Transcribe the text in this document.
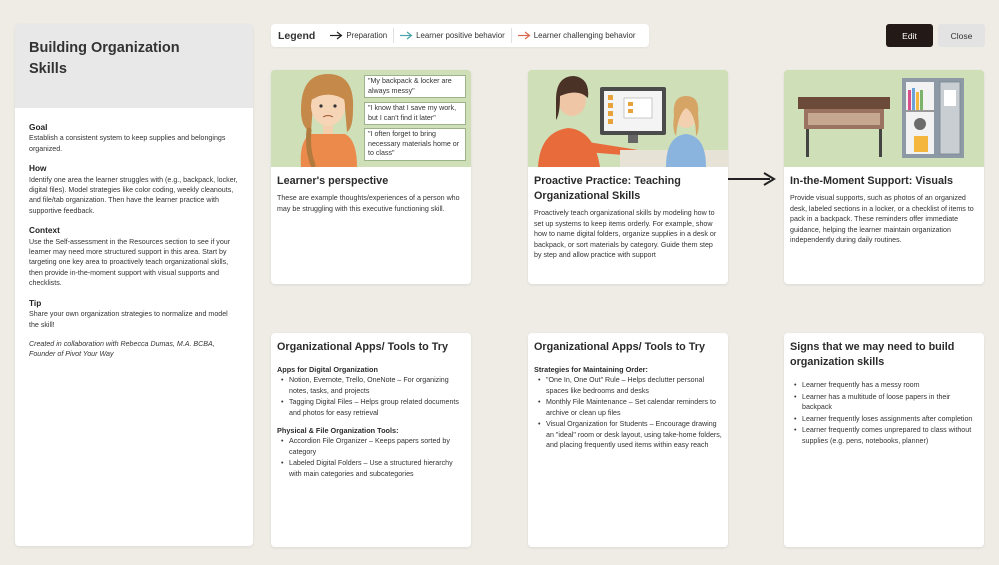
Building Organization Skills
Goal
Establish a consistent system to keep supplies and belongings organized.
How
Identify one area the learner struggles with (e.g., backpack, locker, digital files). Model strategies like color coding, weekly cleanouts, and file/tab organization. Then have the learner practice with supportive feedback.
Context
Use the Self-assessment in the Resources section to see if your learner may need more structured support in this area. Start by targeting one key area to proactively teach organizational skills, then provide in-the-moment support with visual supports and checklists.
Tip
Share your own organization strategies to normalize and model the skill!
Created in collaboration with Rebecca Dumas, M.A. BCBA, Founder of Pivot Your Way
Legend	Preparation	Learner positive behavior	Learner challenging behavior	Edit	Close
"My backpack & locker are always messy"
"I know that I save my work, but I can't find it later"
"I often forget to bring necessary materials home or to class"
Learner's perspective
These are example thoughts/experiences of a person who may be struggling with this executive functioning skill.
Proactive Practice: Teaching Organizational Skills
Proactively teach organizational skills by modeling how to set up systems to keep items orderly. For example, show how to name digital folders, organize supplies in a desk or backpack, or sort materials by category. Guide them step by step and allow practice with support
In-the-Moment Support: Visuals
Provide visual supports, such as photos of an organized desk, labeled sections in a locker, or a checklist of items to pack in a backpack. These reminders offer immediate guidance, helping the learner maintain organization independently during daily routines.
Organizational Apps/ Tools to Try
Apps for Digital Organization
• Notion, Evernote, Trello, OneNote – For organizing notes, tasks, and projects
• Tagging Digital Files – Helps group related documents and photos for easy retrieval
Physical & File Organization Tools:
• Accordion File Organizer – Keeps papers sorted by category
• Labeled Digital Folders – Use a structured hierarchy with main categories and subcategories
Organizational Apps/ Tools to Try
Strategies for Maintaining Order:
• "One In, One Out" Rule – Helps declutter personal spaces like bedrooms and desks
• Monthly File Maintenance – Set calendar reminders to archive or clean up files
• Visual Organization for Students – Encourage drawing an "ideal" room or desk layout, using take-home folders, and placing frequently used items within easy reach
Signs that we may need to build organization skills
• Learner frequently has a messy room
• Learner has a multitude of loose papers in their backpack
• Learner frequently loses assignments after completion
• Learner frequently comes unprepared to class without supplies (e.g. pens, notebooks, planner)
